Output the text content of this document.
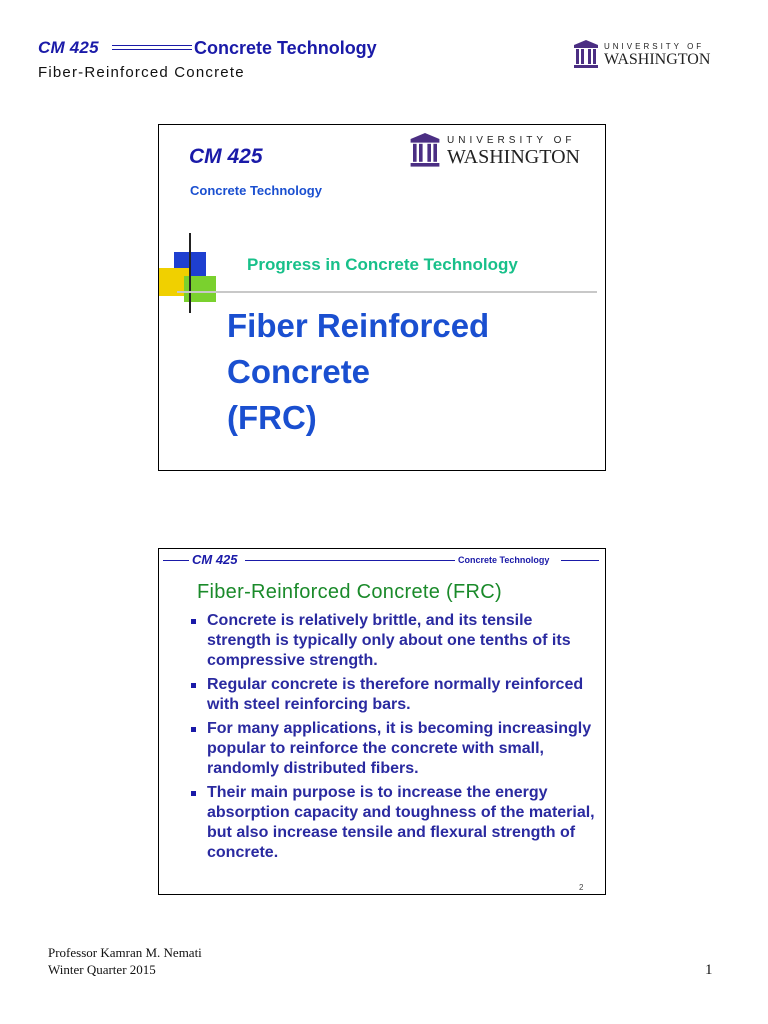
CM 425	Concrete Technology
Fiber-Reinforced Concrete
UNIVERSITY OF
WASHINGTON
CM 425
Concrete Technology
UNIVERSITY OF
WASHINGTON
Progress in Concrete Technology
Fiber Reinforced
Concrete
(FRC)
CM 425	Concrete Technology
Fiber-Reinforced Concrete (FRC)
Concrete is relatively brittle, and its tensile strength is typically only about one tenths of its compressive strength.
Regular concrete is therefore normally reinforced with steel reinforcing bars.
For many applications, it is becoming increasingly popular to reinforce the concrete with small, randomly distributed fibers.
Their main purpose is to increase the energy absorption capacity and toughness of the material, but also increase tensile and flexural strength of concrete.
2
Professor Kamran M. Nemati
Winter Quarter 2015	1
